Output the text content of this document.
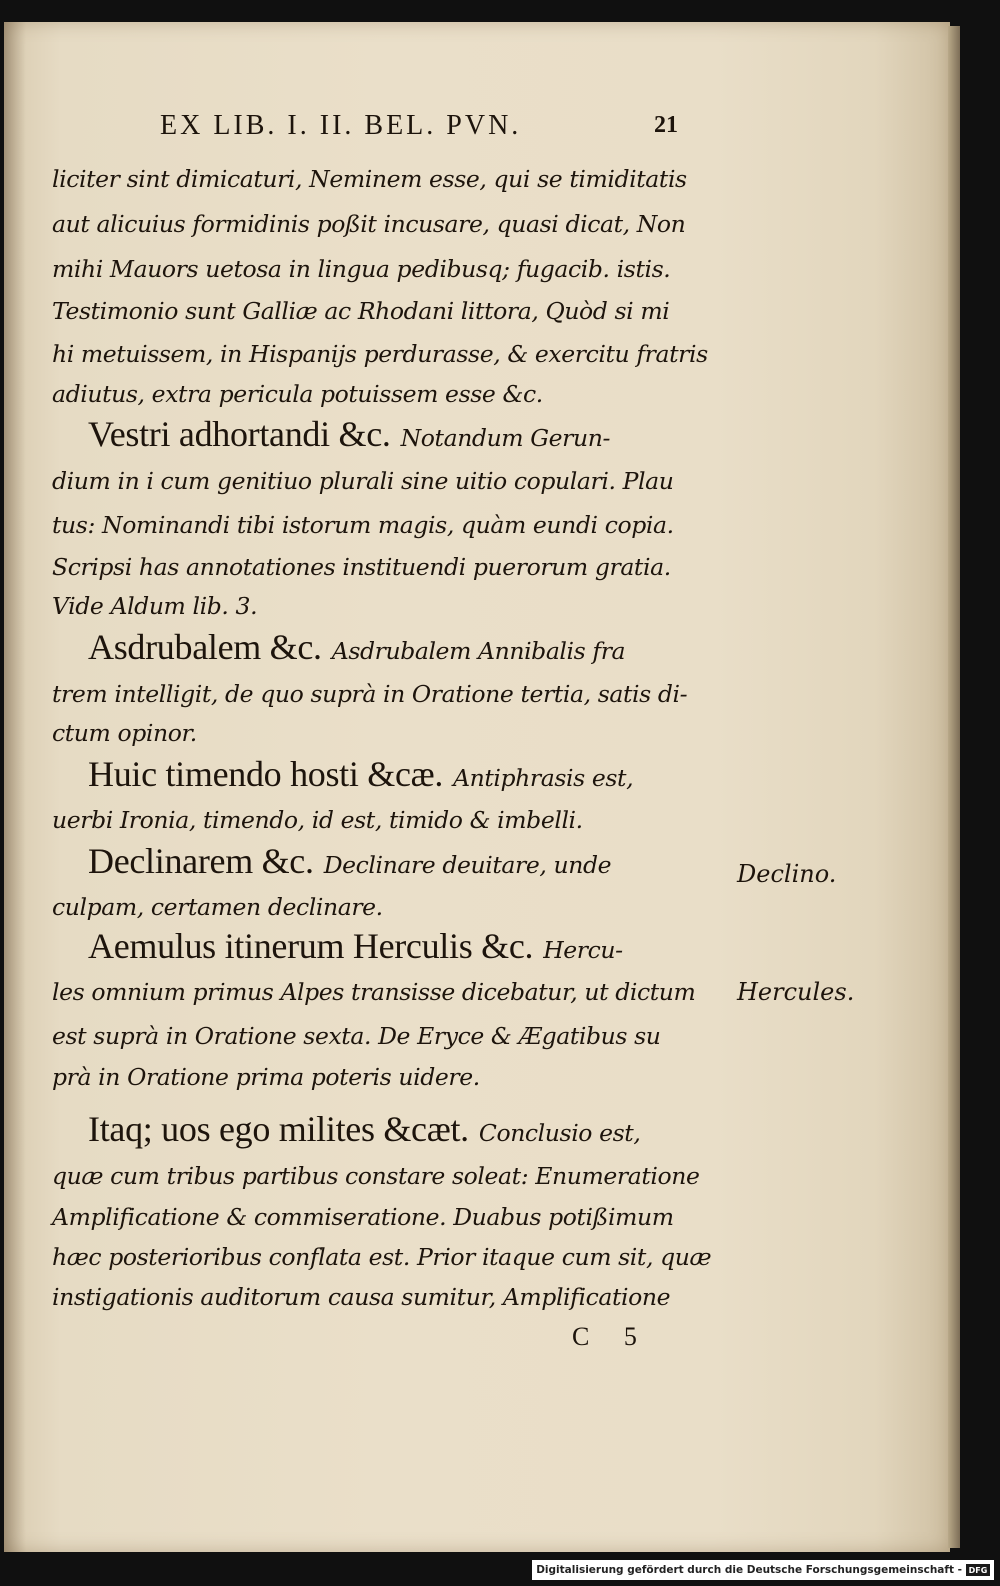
EX LIB. I. II. BEL. PVN.	21
liciter sint dimicaturi, Neminem esse, qui se timiditatis
aut alicuius formidinis poßit incusare, quasi dicat, Non
mihi Mauors uetosa in lingua pedibusq; fugacib. istis.
Testimonio sunt Galliæ ac Rhodani littora, Quòd si mi
hi metuissem, in Hispanijs perdurasse, & exercitu fratris
adiutus, extra pericula potuissem esse &c.
Vestri adhortandi &c. Notandum Gerun-
dium in i cum genitiuo plurali sine uitio copulari. Plau
tus: Nominandi tibi istorum magis, quàm eundi copia.
Scripsi has annotationes instituendi puerorum gratia.
Vide Aldum lib. 3.
Asdrubalem &c. Asdrubalem Annibalis fra
trem intelligit, de quo suprà in Oratione tertia, satis di-
ctum opinor.
Huic timendo hosti &cæ. Antiphrasis est,
uerbi Ironia, timendo, id est, timido & imbelli.
Declinarem &c. Declinare deuitare, unde
culpam, certamen declinare.
Aemulus itinerum Herculis &c. Hercu-
les omnium primus Alpes transisse dicebatur, ut dictum
est suprà in Oratione sexta. De Eryce & Ægatibus su
prà in Oratione prima poteris uidere.
Itaq; uos ego milites &cæt. Conclusio est,
quæ cum tribus partibus constare soleat: Enumeratione
Amplificatione & commiseratione. Duabus potißimum
hæc posterioribus conflata est. Prior itaque cum sit, quæ
instigationis auditorum causa sumitur, Amplificatione
Declino.
Hercules.
C 5
Digitalisierung gefördert durch die Deutsche Forschungsgemeinschaft - DFG
